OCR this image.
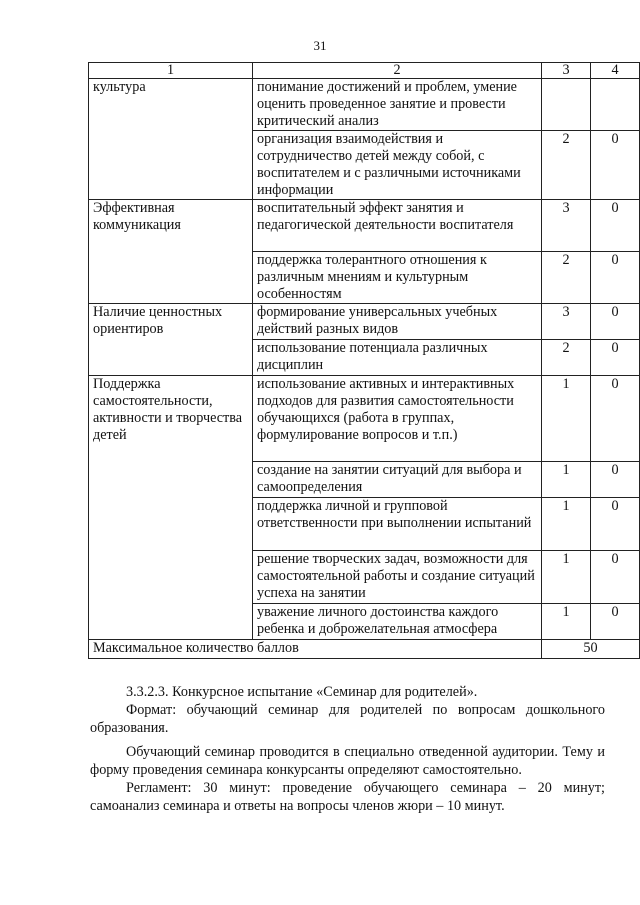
31
1	2	3	4
культура	понимание достижений и проблем, умение оценить проведенное занятие и провести критический анализ		
	организация взаимодействия и сотрудничество детей между собой, с воспитателем и с различными источниками информации	2	0
Эффективная коммуникация	воспитательный эффект занятия и педагогической деятельности воспитателя	3	0
	поддержка толерантного отношения к различным мнениям и культурным особенностям	2	0
Наличие ценностных ориентиров	формирование универсальных учебных действий разных видов	3	0
	использование потенциала различных дисциплин	2	0
Поддержка самостоятельности, активности и творчества детей	использование активных и интерактивных подходов для развития самостоятельности обучающихся (работа в группах, формулирование вопросов и т.п.)	1	0
	создание на занятии ситуаций для выбора и самоопределения	1	0
	поддержка личной и групповой ответственности при выполнении испытаний	1	0
	решение творческих задач, возможности для самостоятельной работы и создание ситуаций успеха на занятии	1	0
	уважение личного достоинства каждого ребенка и доброжелательная атмосфера	1	0
Максимальное количество баллов		50	

3.3.2.3. Конкурсное испытание «Семинар для родителей».

Формат: обучающий семинар для родителей по вопросам дошкольного образования.

Обучающий семинар проводится в специально отведенной аудитории. Тему и форму проведения семинара конкурсанты определяют самостоятельно.

Регламент: 30 минут: проведение обучающего семинара – 20 минут; самоанализ семинара и ответы на вопросы членов жюри – 10 минут.
